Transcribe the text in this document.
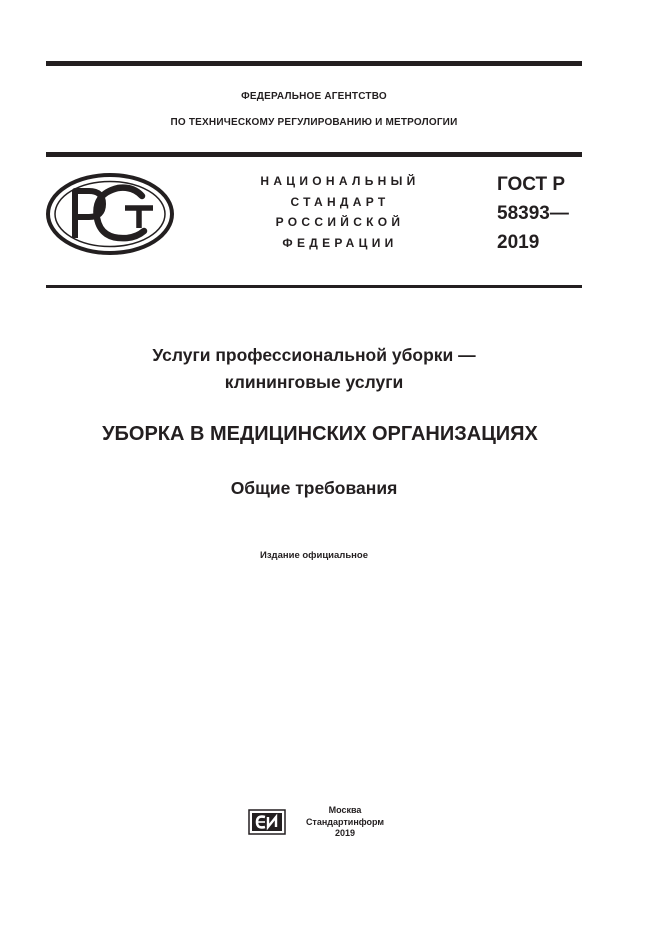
ФЕДЕРАЛЬНОЕ АГЕНТСТВО
ПО ТЕХНИЧЕСКОМУ РЕГУЛИРОВАНИЮ И МЕТРОЛОГИИ
НАЦИОНАЛЬНЫЙ
СТАНДАРТ
РОССИЙСКОЙ
ФЕДЕРАЦИИ
ГОСТ Р
58393—
2019
Услуги профессиональной уборки —
клининговые услуги
УБОРКА В МЕДИЦИНСКИХ ОРГАНИЗАЦИЯХ
Общие требования
Издание официальное
Москва
Стандартинформ
2019
